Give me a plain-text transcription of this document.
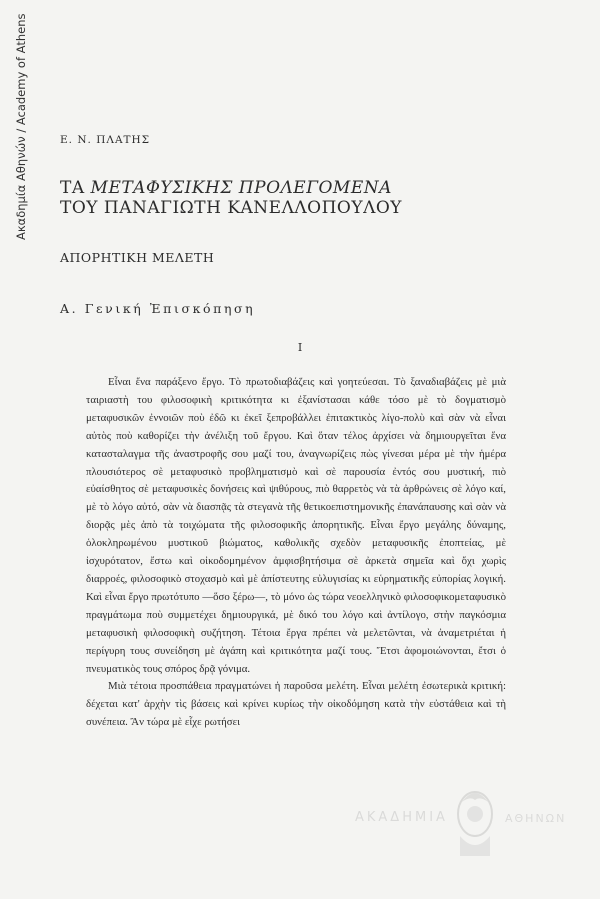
Ακαδημία Αθηνών / Academy of Athens	Ε. Ν. ΠΛΑΤΗΣ
ΤΑ ΜΕΤΑΦΥΣΙΚΗΣ ΠΡΟΛΕΓΟΜΕΝΑ
ΤΟΥ ΠΑΝΑΓΙΩΤΗ ΚΑΝΕΛΛΟΠΟΥΛΟΥ
ΑΠΟΡΗΤΙΚΗ ΜΕΛΕΤΗ
Α. Γενική Ἐπισκόπηση
Ι

Εἶναι ἕνα παράξενο ἔργο. Τὸ πρωτοδιαβάζεις καὶ γοητεύεσαι. Τὸ ξαναδιαβάζεις μὲ μιὰ ταιριαστὴ του φιλοσοφικὴ κριτικότητα κι ἐξανίστασαι κάθε τόσο μὲ τὸ δογματισμὸ μεταφυσικῶν ἐννοιῶν ποὺ ἐδῶ κι ἐκεῖ ξεπροβάλλει ἐπιτακτικὸς λίγο-πολὺ καὶ σὰν νὰ εἶναι αὐτὸς ποὺ καθορίζει τὴν ἀνέλιξη τοῦ ἔργου. Καὶ ὅταν τέλος ἀρχίσει νὰ δημιουργεῖται ἕνα κατασταλαγμα τῆς ἀναστροφῆς σου μαζί του, ἀναγνωρίζεις πὼς γίνεσαι μέρα μὲ τὴν ἡμέρα πλουσιότερος σὲ μεταφυσικὸ προβληματισμὸ καὶ σὲ παρουσία ἐντός σου μυστική, πιὸ εὐαίσθητος σὲ μεταφυσικὲς δονήσεις καὶ ψιθύρους, πιὸ θαρρετὸς νὰ τὰ ἀρθρώνεις σὲ λόγο καί, μὲ τὸ λόγο αὐτό, σὰν νὰ διασπᾷς τὰ στεγανὰ τῆς θετικοεπιστημονικῆς ἐπανάπαυσης καὶ σὰν νὰ διορᾷς μὲς ἀπὸ τὰ τοιχώματα τῆς φιλοσοφικῆς ἀπορητικῆς. Εἶναι ἔργο μεγάλης δύναμης, ὁλοκληρωμένου μυστικοῦ βιώματος, καθολικῆς σχεδὸν μεταφυσικῆς ἐποπτείας, μὲ ἰσχυρότατον, ἔστω καὶ οἰκοδομημένον ἀμφισβητήσιμα σὲ ἀρκετὰ σημεῖα καὶ ὄχι χωρὶς διαρροές, φιλοσοφικὸ στοχασμὸ καὶ μὲ ἀπίστευτης εὐλυγισίας κι εὑρηματικῆς εὐπορίας λογική. Καὶ εἶναι ἔργο πρωτότυπο —ὅσο ξέρω—, τὸ μόνο ὡς τώρα νεοελληνικὸ φιλοσοφικομεταφυσικὸ πραγμάτωμα ποὺ συμμετέχει δημιουργικά, μὲ δικό του λόγο καὶ ἀντίλογο, στὴν παγκόσμια μεταφυσικὴ φιλοσοφικὴ συζήτηση. Τέτοια ἔργα πρέπει νὰ μελετῶνται, νὰ ἀναμετριέται ἡ περίγυρη τους συνείδηση μὲ ἀγάπη καὶ κριτικότητα μαζί τους. Ἔτσι ἀφομοιώνονται, ἔτσι ὁ πνευματικὸς τους σπόρος δρᾷ γόνιμα.

Μιὰ τέτοια προσπάθεια πραγματώνει ἡ παροῦσα μελέτη. Εἶναι μελέτη ἐσωτερικὰ κριτική: δέχεται κατ' ἀρχὴν τὶς βάσεις καὶ κρίνει κυρίως τὴν οἰκοδόμηση κατὰ τὴν εὐστάθεια καὶ τὴ συνέπεια. Ἂν τώρα μὲ εἶχε ρωτήσει

ΑΚΑΔΗΜΙΑ	ΑΘΗΝΩΝ
